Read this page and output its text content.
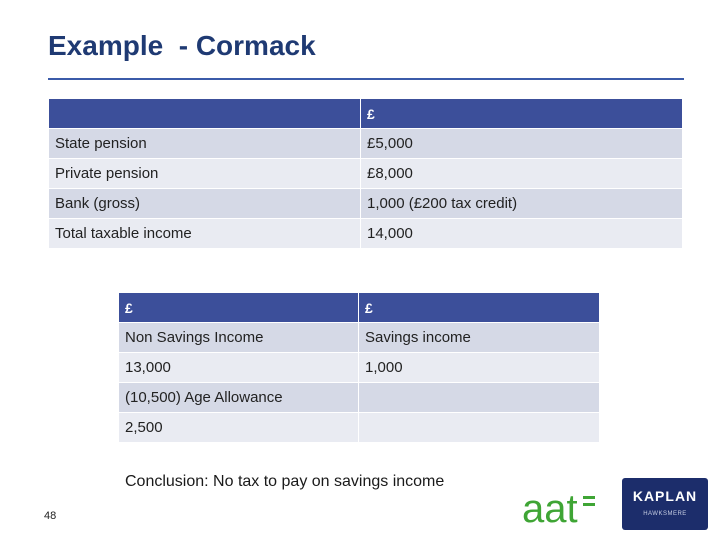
Example  - Cormack
	£
State pension	£5,000
Private pension	£8,000
Bank (gross)	1,000 (£200 tax credit)
Total taxable income	14,000
£	£
Non Savings Income	Savings income
13,000	1,000
(10,500) Age Allowance	
2,500	
Conclusion: No tax to pay on savings income
48	aat	KAPLAN
HAWKSMERE
